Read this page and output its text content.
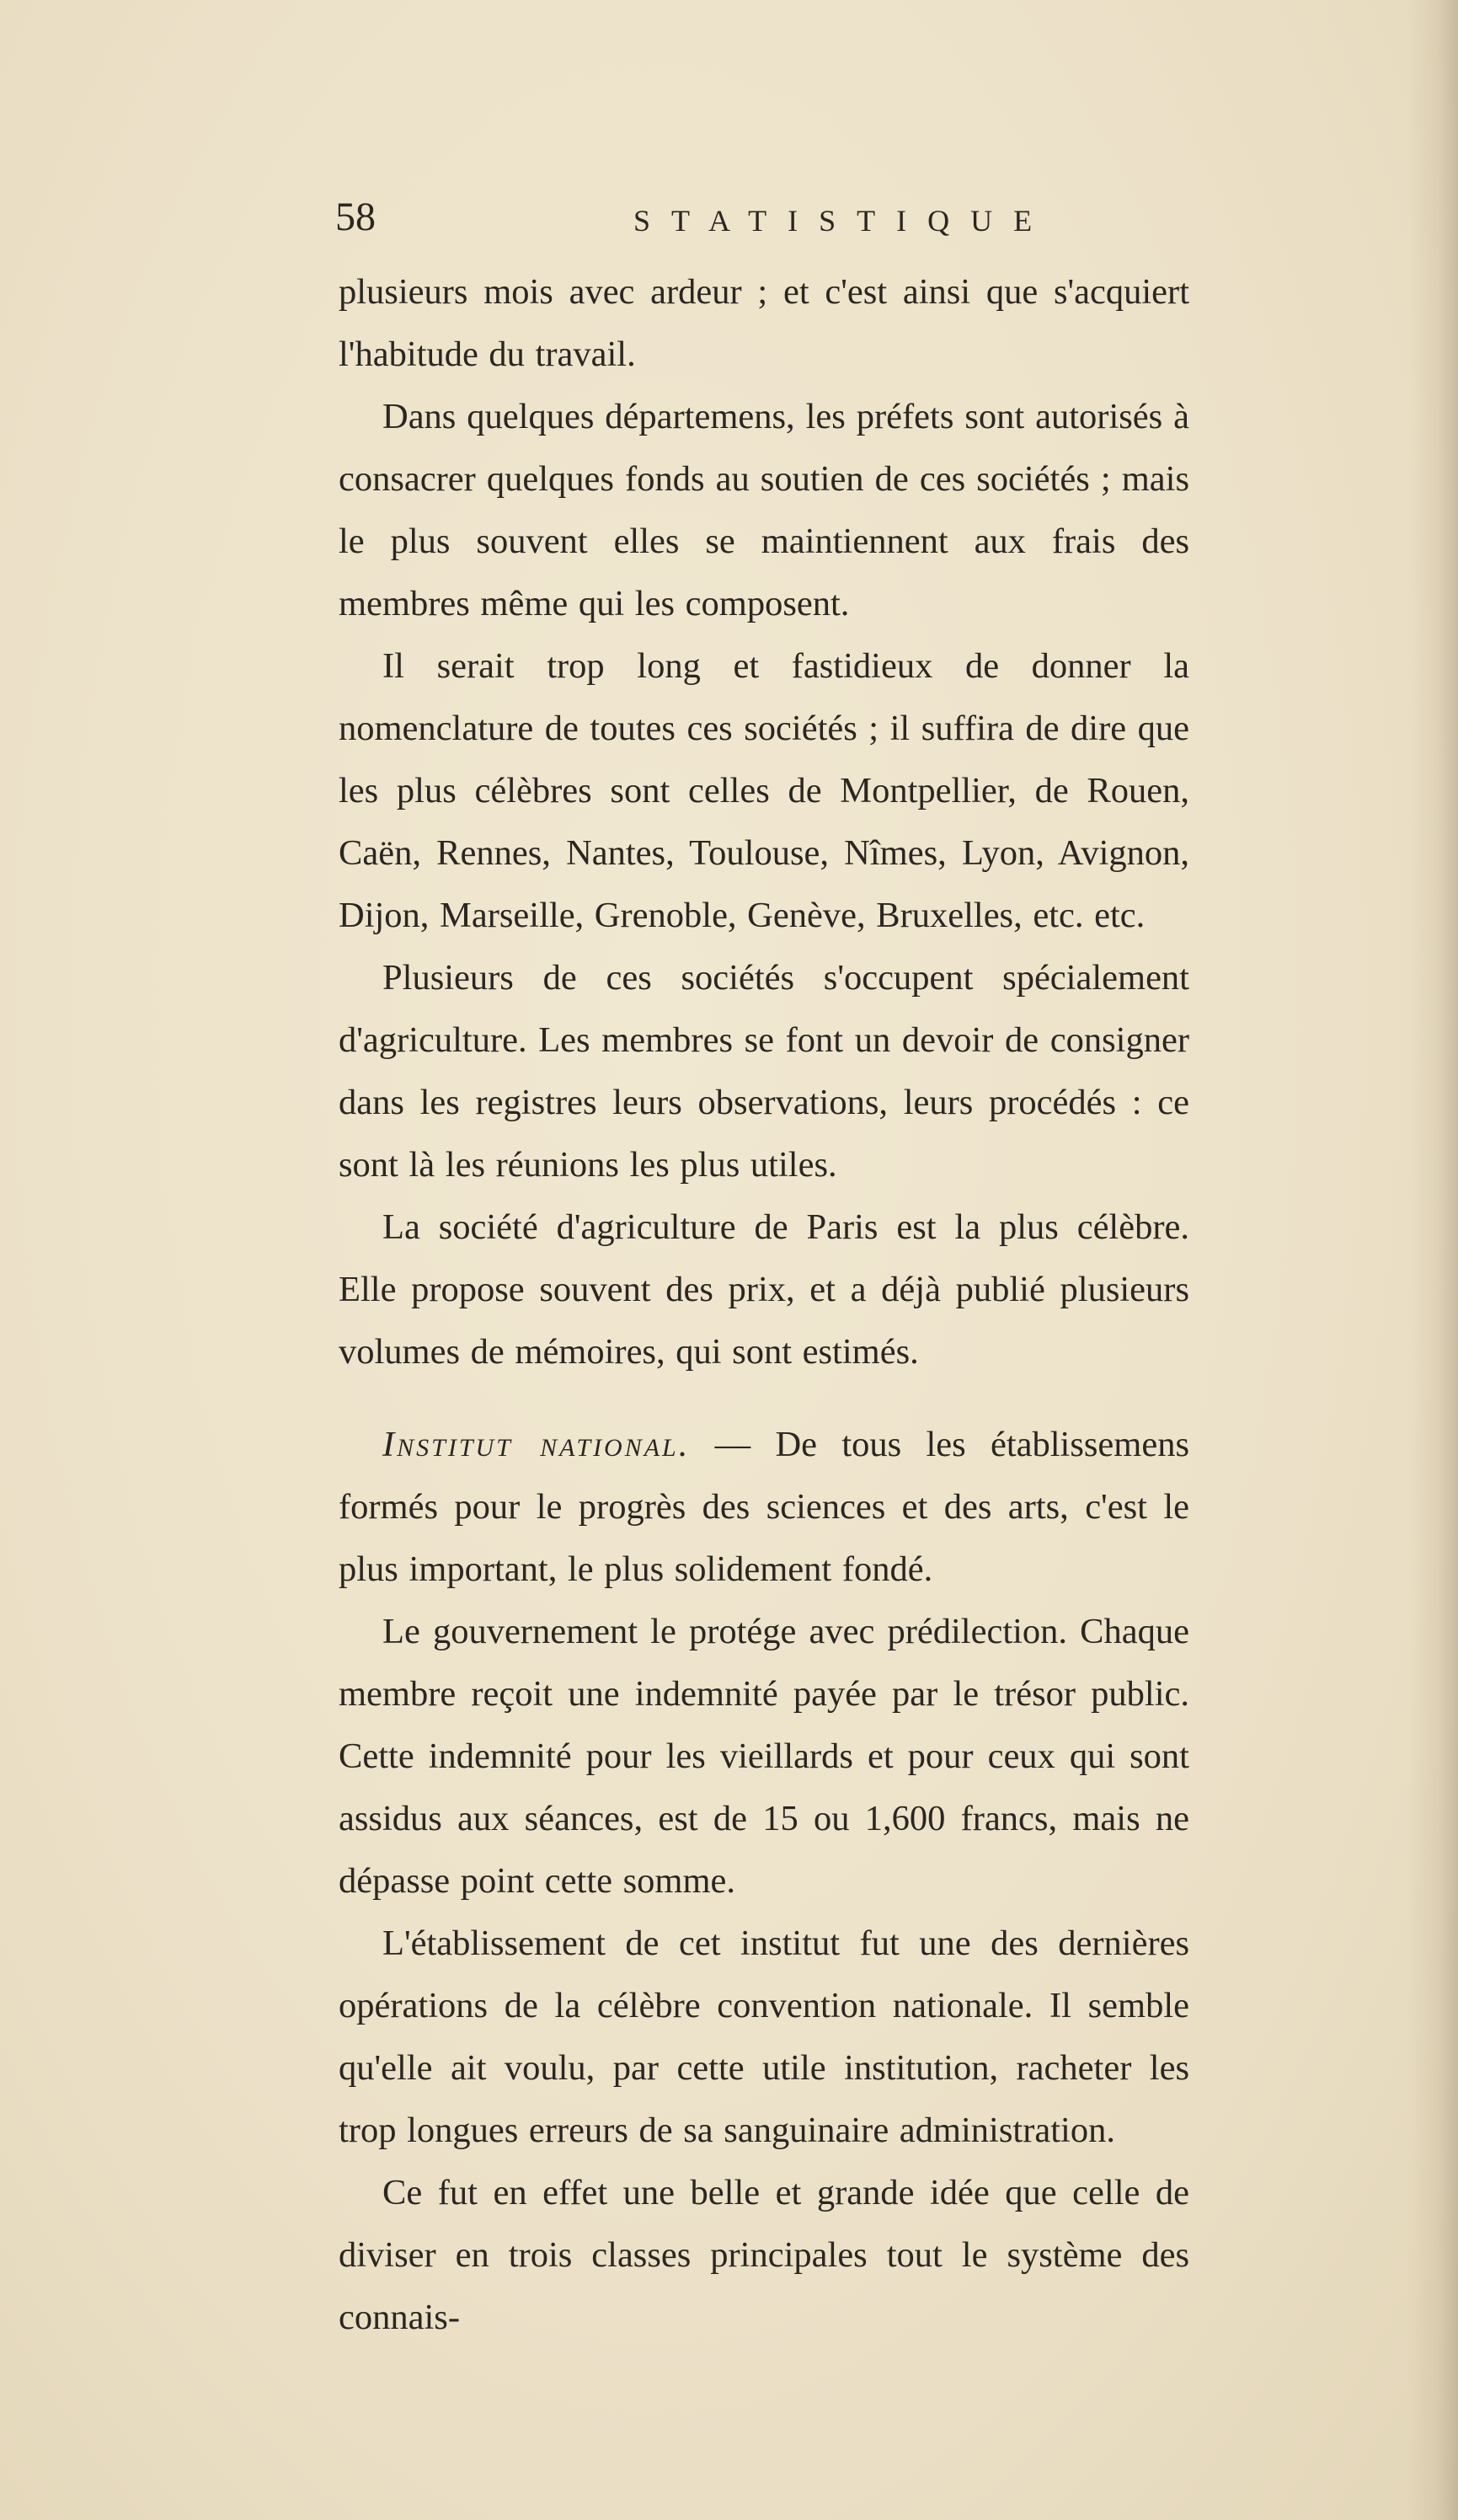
58	STATISTIQUE

plusieurs mois avec ardeur ; et c'est ainsi que s'acquiert l'habitude du travail.

Dans quelques départemens, les préfets sont autorisés à consacrer quelques fonds au soutien de ces sociétés ; mais le plus souvent elles se maintiennent aux frais des membres même qui les composent.

Il serait trop long et fastidieux de donner la nomenclature de toutes ces sociétés ; il suffira de dire que les plus célèbres sont celles de Montpellier, de Rouen, Caën, Rennes, Nantes, Toulouse, Nîmes, Lyon, Avignon, Dijon, Marseille, Grenoble, Genève, Bruxelles, etc. etc.

Plusieurs de ces sociétés s'occupent spécialement d'agriculture. Les membres se font un devoir de consigner dans les registres leurs observations, leurs procédés : ce sont là les réunions les plus utiles.

La société d'agriculture de Paris est la plus célèbre. Elle propose souvent des prix, et a déjà publié plusieurs volumes de mémoires, qui sont estimés.

Institut national. — De tous les établissemens formés pour le progrès des sciences et des arts, c'est le plus important, le plus solidement fondé.

Le gouvernement le protége avec prédilection. Chaque membre reçoit une indemnité payée par le trésor public. Cette indemnité pour les vieillards et pour ceux qui sont assidus aux séances, est de 15 ou 1,600 francs, mais ne dépasse point cette somme.

L'établissement de cet institut fut une des dernières opérations de la célèbre convention nationale. Il semble qu'elle ait voulu, par cette utile institution, racheter les trop longues erreurs de sa sanguinaire administration.

Ce fut en effet une belle et grande idée que celle de diviser en trois classes principales tout le système des connais-
